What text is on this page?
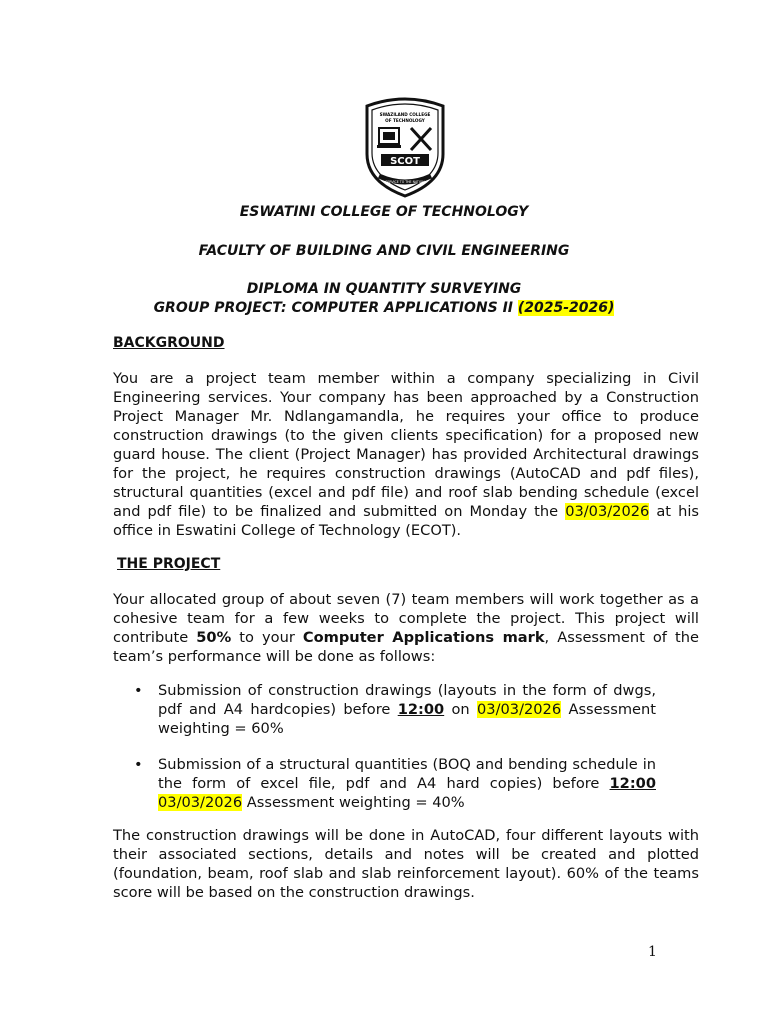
SWAZILAND COLLEGE
OF TECHNOLOGY
SCOT
SERVICE TO THE NATION
ESWATINI COLLEGE OF TECHNOLOGY
FACULTY OF BUILDING AND CIVIL ENGINEERING
DIPLOMA IN QUANTITY SURVEYING
GROUP PROJECT: COMPUTER APPLICATIONS II (2025-2026)
BACKGROUND
You are a project team member within a company specializing in Civil Engineering services. Your company has been approached by a Construction Project Manager Mr. Ndlangamandla, he requires your office to produce construction drawings (to the given clients specification) for a proposed new guard house. The client (Project Manager) has provided Architectural drawings for the project, he requires construction drawings (AutoCAD and pdf files), structural quantities (excel and pdf file) and roof slab bending schedule (excel and pdf file) to be finalized and submitted on Monday the 03/03/2026 at his office in Eswatini College of Technology (ECOT).
THE PROJECT
Your allocated group of about seven (7) team members will work together as a cohesive team for a few weeks to complete the project. This project will contribute 50% to your Computer Applications mark, Assessment of the team’s performance will be done as follows:
• Submission of construction drawings (layouts in the form of dwgs, pdf and A4 hardcopies) before 12:00 on 03/03/2026 Assessment weighting = 60%
• Submission of a structural quantities (BOQ and bending schedule in the form of excel file, pdf and A4 hard copies) before 12:00 03/03/2026 Assessment weighting = 40%
The construction drawings will be done in AutoCAD, four different layouts with their associated sections, details and notes will be created and plotted (foundation, beam, roof slab and slab reinforcement layout). 60% of the teams score will be based on the construction drawings.
1
